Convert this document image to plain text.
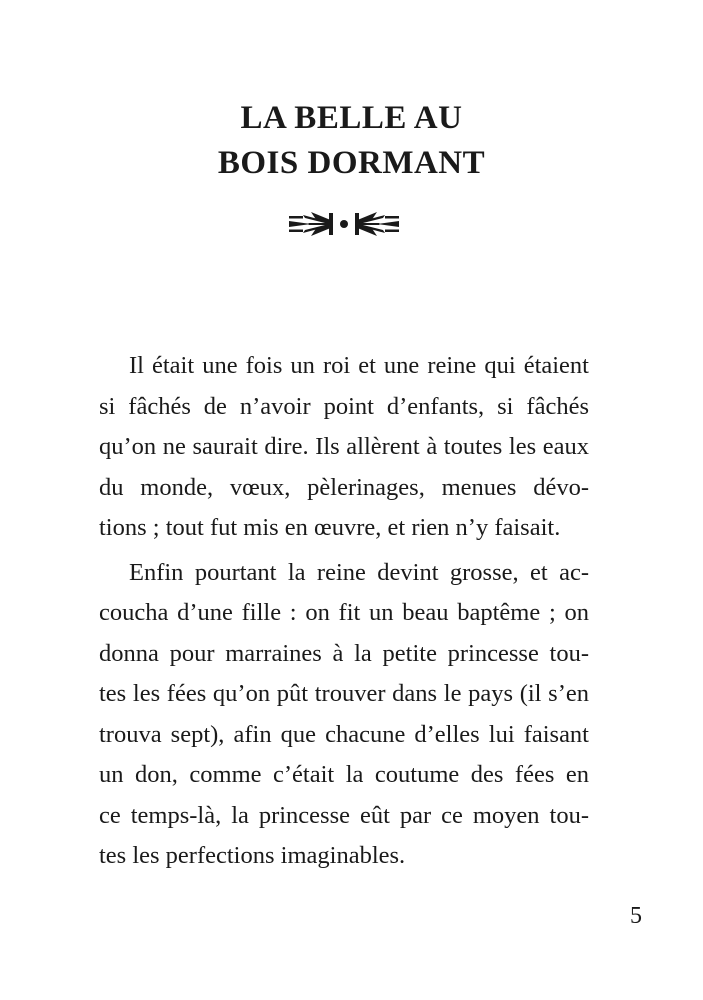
LA BELLE AU
BOIS DORMANT
Il était une fois un roi et une reine qui étaient
si fâchés de n’avoir point d’enfants, si fâchés
qu’on ne saurait dire. Ils allèrent à toutes les eaux
du monde, vœux, pèlerinages, menues dévo-
tions ; tout fut mis en œuvre, et rien n’y faisait.
Enfin pourtant la reine devint grosse, et ac-
coucha d’une fille : on fit un beau baptême ; on
donna pour marraines à la petite princesse tou-
tes les fées qu’on pût trouver dans le pays (il s’en
trouva sept), afin que chacune d’elles lui faisant
un don, comme c’était la coutume des fées en
ce temps-là, la princesse eût par ce moyen tou-
tes les perfections imaginables.
5
